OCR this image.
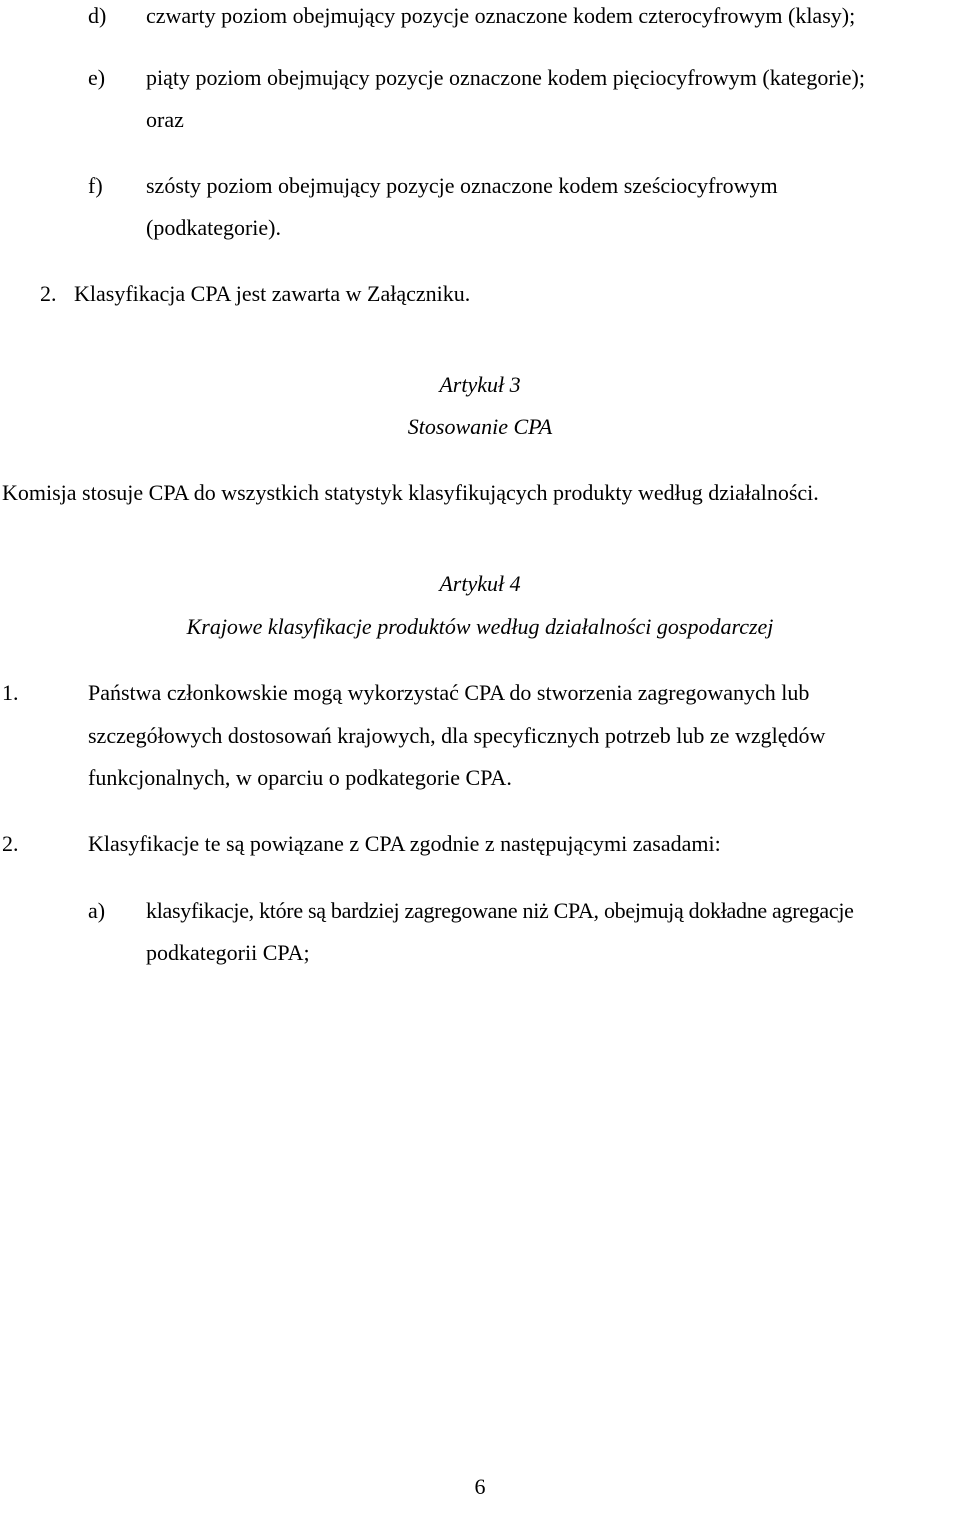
d) czwarty poziom obejmujący pozycje oznaczone kodem czterocyfrowym (klasy);
e) piąty poziom obejmujący pozycje oznaczone kodem pięciocyfrowym (kategorie);
oraz
f) szósty poziom obejmujący pozycje oznaczone kodem sześciocyfrowym
(podkategorie).
2. Klasyfikacja CPA jest zawarta w Załączniku.
Artykuł 3
Stosowanie CPA
Komisja stosuje CPA do wszystkich statystyk klasyfikujących produkty według działalności.
Artykuł 4
Krajowe klasyfikacje produktów według działalności gospodarczej
1.	Państwa członkowskie mogą wykorzystać CPA do stworzenia zagregowanych lub
szczegółowych dostosowań krajowych, dla specyficznych potrzeb lub ze względów
funkcjonalnych, w oparciu o podkategorie CPA.
2.	Klasyfikacje te są powiązane z CPA zgodnie z następującymi zasadami:
a) klasyfikacje, które są bardziej zagregowane niż CPA, obejmują dokładne agregacje
podkategorii CPA;
6
